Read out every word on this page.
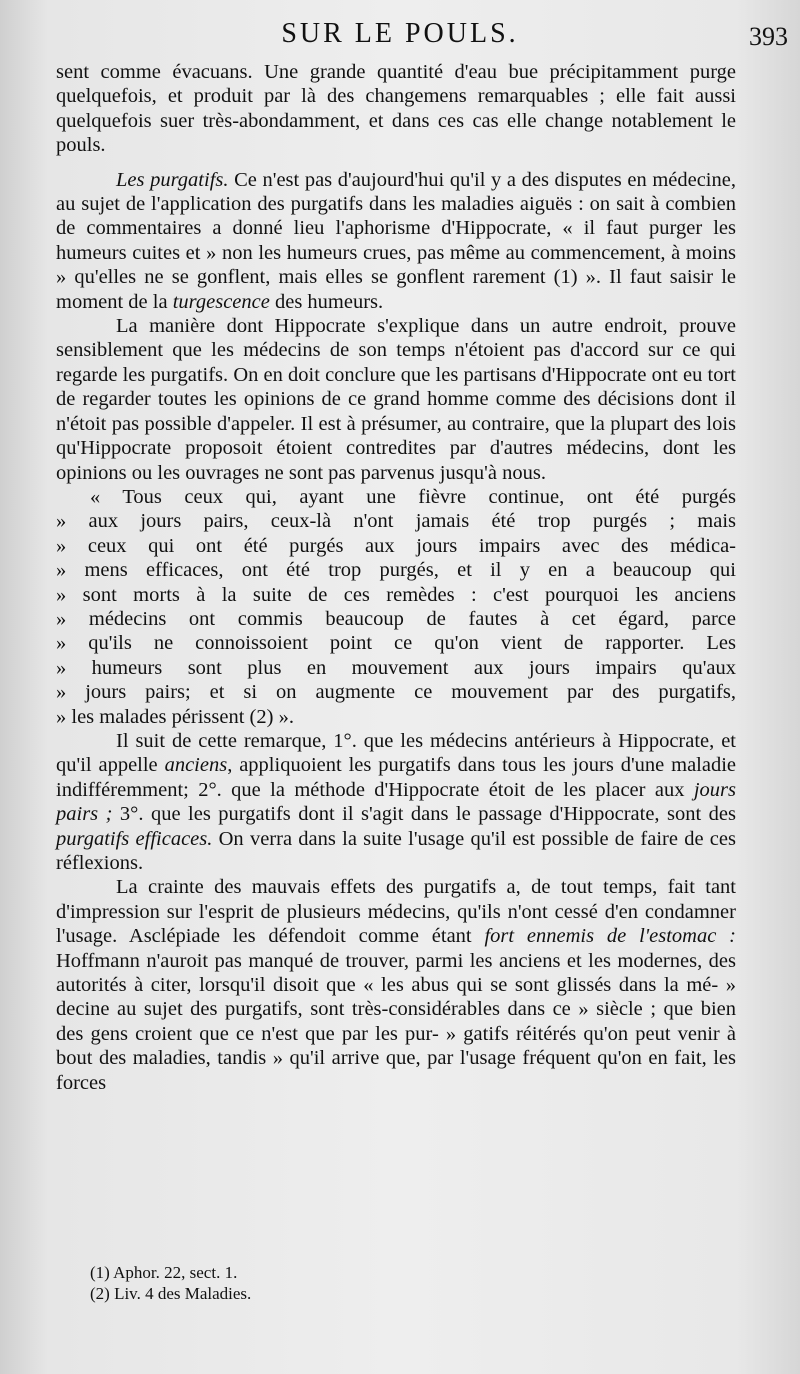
SUR LE POULS.	393

sent comme évacuans. Une grande quantité d'eau bue précipitamment purge quelquefois, et produit par là des changemens remarquables ; elle fait aussi quelquefois suer très-abondamment, et dans ces cas elle change notablement le pouls.

Les purgatifs. Ce n'est pas d'aujourd'hui qu'il y a des disputes en médecine, au sujet de l'application des purgatifs dans les maladies aiguës : on sait à combien de commentaires a donné lieu l'aphorisme d'Hippocrate, « il faut purger les humeurs cuites et » non les humeurs crues, pas même au commencement, à moins » qu'elles ne se gonflent, mais elles se gonflent rarement (1) ». Il faut saisir le moment de la turgescence des humeurs.

La manière dont Hippocrate s'explique dans un autre endroit, prouve sensiblement que les médecins de son temps n'étoient pas d'accord sur ce qui regarde les purgatifs. On en doit conclure que les partisans d'Hippocrate ont eu tort de regarder toutes les opinions de ce grand homme comme des décisions dont il n'étoit pas possible d'appeler. Il est à présumer, au contraire, que la plupart des lois qu'Hippocrate proposoit étoient contredites par d'autres médecins, dont les opinions ou les ouvrages ne sont pas parvenus jusqu'à nous.

« Tous ceux qui, ayant une fièvre continue, ont été purgés
» aux jours pairs, ceux-là n'ont jamais été trop purgés ; mais
» ceux qui ont été purgés aux jours impairs avec des médica-
» mens efficaces, ont été trop purgés, et il y en a beaucoup qui
» sont morts à la suite de ces remèdes : c'est pourquoi les anciens
» médecins ont commis beaucoup de fautes à cet égard, parce
» qu'ils ne connoissoient point ce qu'on vient de rapporter. Les
» humeurs sont plus en mouvement aux jours impairs qu'aux
» jours pairs; et si on augmente ce mouvement par des purgatifs,
» les malades périssent (2) ».

Il suit de cette remarque, 1°. que les médecins antérieurs à Hippocrate, et qu'il appelle anciens, appliquoient les purgatifs dans tous les jours d'une maladie indifféremment; 2°. que la méthode d'Hippocrate étoit de les placer aux jours pairs ; 3°. que les purgatifs dont il s'agit dans le passage d'Hippocrate, sont des purgatifs efficaces. On verra dans la suite l'usage qu'il est possible de faire de ces réflexions.

La crainte des mauvais effets des purgatifs a, de tout temps, fait tant d'impression sur l'esprit de plusieurs médecins, qu'ils n'ont cessé d'en condamner l'usage. Asclépiade les défendoit comme étant fort ennemis de l'estomac : Hoffmann n'auroit pas manqué de trouver, parmi les anciens et les modernes, des autorités à citer, lorsqu'il disoit que « les abus qui se sont glissés dans la mé- » decine au sujet des purgatifs, sont très-considérables dans ce » siècle ; que bien des gens croient que ce n'est que par les pur- » gatifs réitérés qu'on peut venir à bout des maladies, tandis » qu'il arrive que, par l'usage fréquent qu'on en fait, les forces

(1) Aphor. 22, sect. 1.
(2) Liv. 4 des Maladies.
